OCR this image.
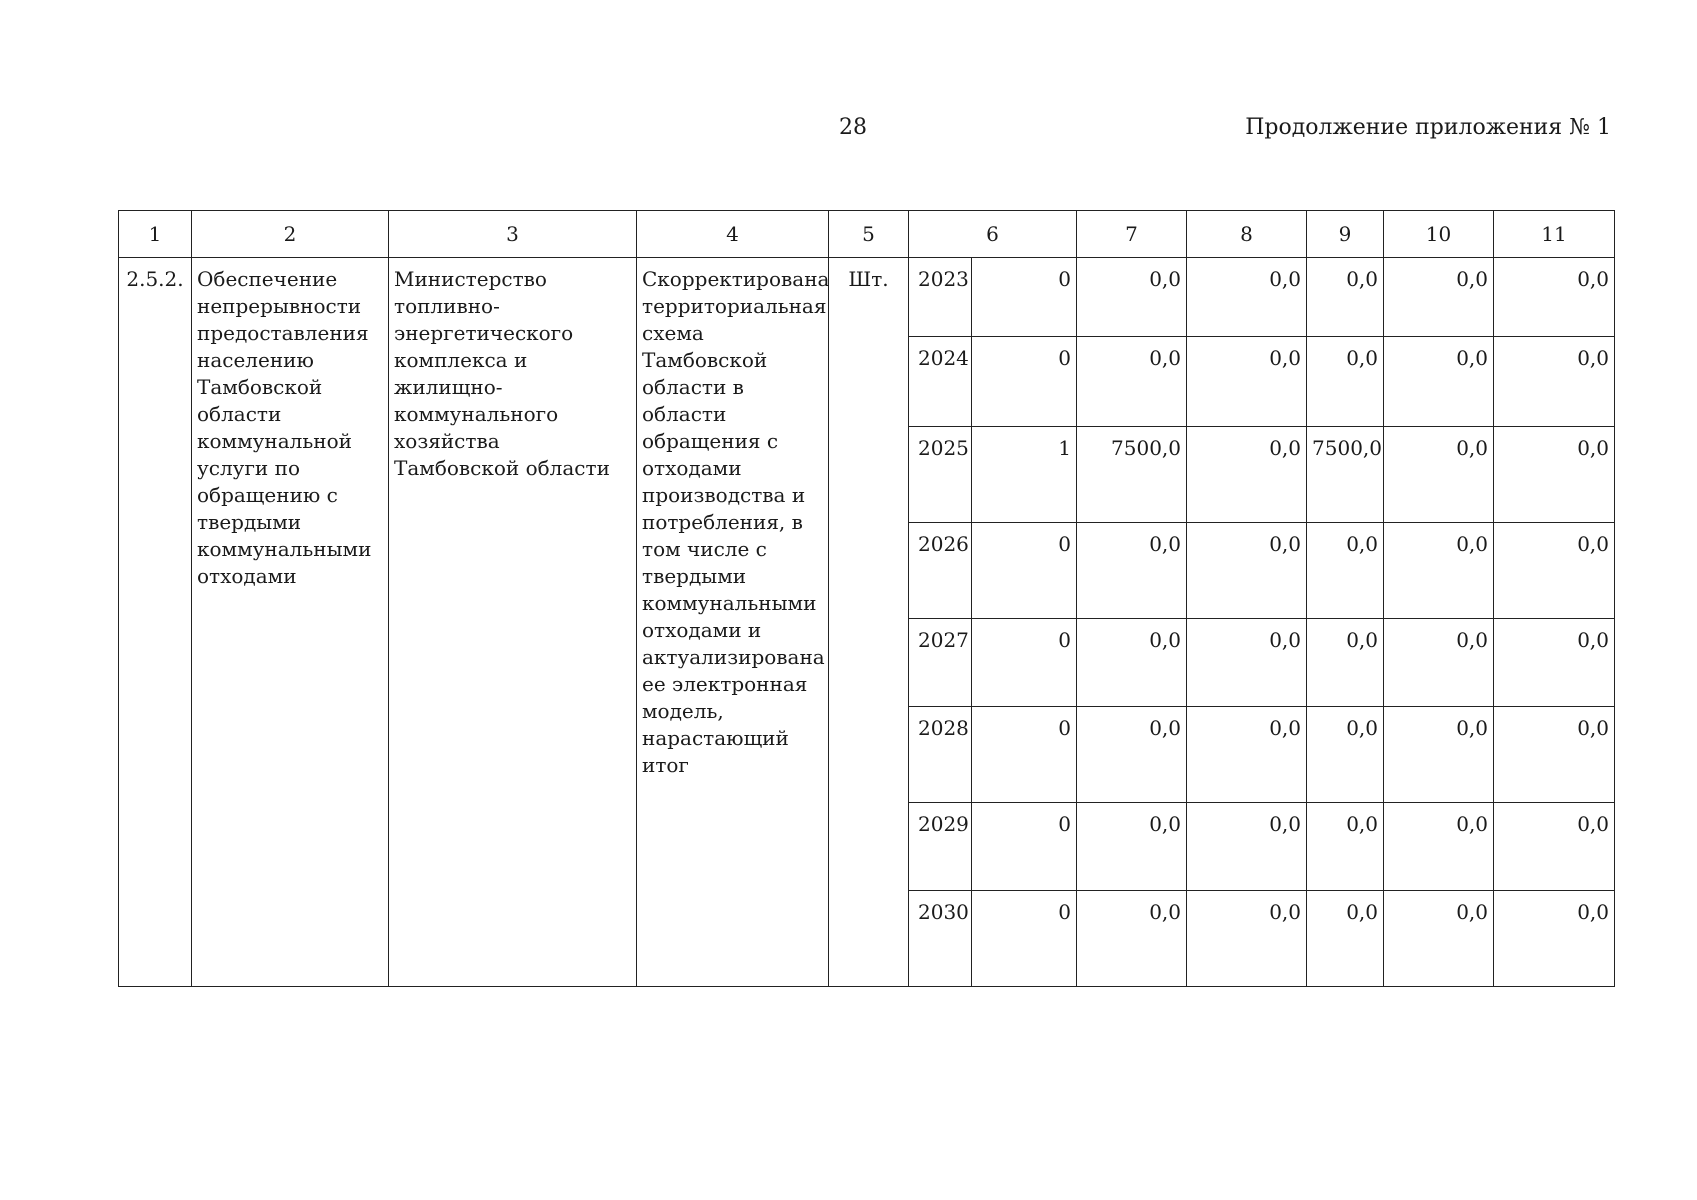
28	Продолжение приложения № 1
1	2	3	4	5	6		7	8	9	10	11
2.5.2.	Обеспечение непрерывности предоставления населению Тамбовской области коммунальной услуги по обращению с твердыми коммунальными отходами	Министерство топливно-энергетического комплекса и жилищно-коммунального хозяйства Тамбовской области	Скорректирована территориальная схема Тамбовской области в области обращения с отходами производства и потребления, в том числе с твердыми коммунальными отходами и актуализирована ее электронная модель, нарастающий итог	Шт.	2023	0	0,0	0,0	0,0	0,0	0,0
					2024	0	0,0	0,0	0,0	0,0	0,0
					2025	1	7500,0	0,0	7500,0	0,0	0,0
					2026	0	0,0	0,0	0,0	0,0	0,0
					2027	0	0,0	0,0	0,0	0,0	0,0
					2028	0	0,0	0,0	0,0	0,0	0,0
					2029	0	0,0	0,0	0,0	0,0	0,0
					2030	0	0,0	0,0	0,0	0,0	0,0
